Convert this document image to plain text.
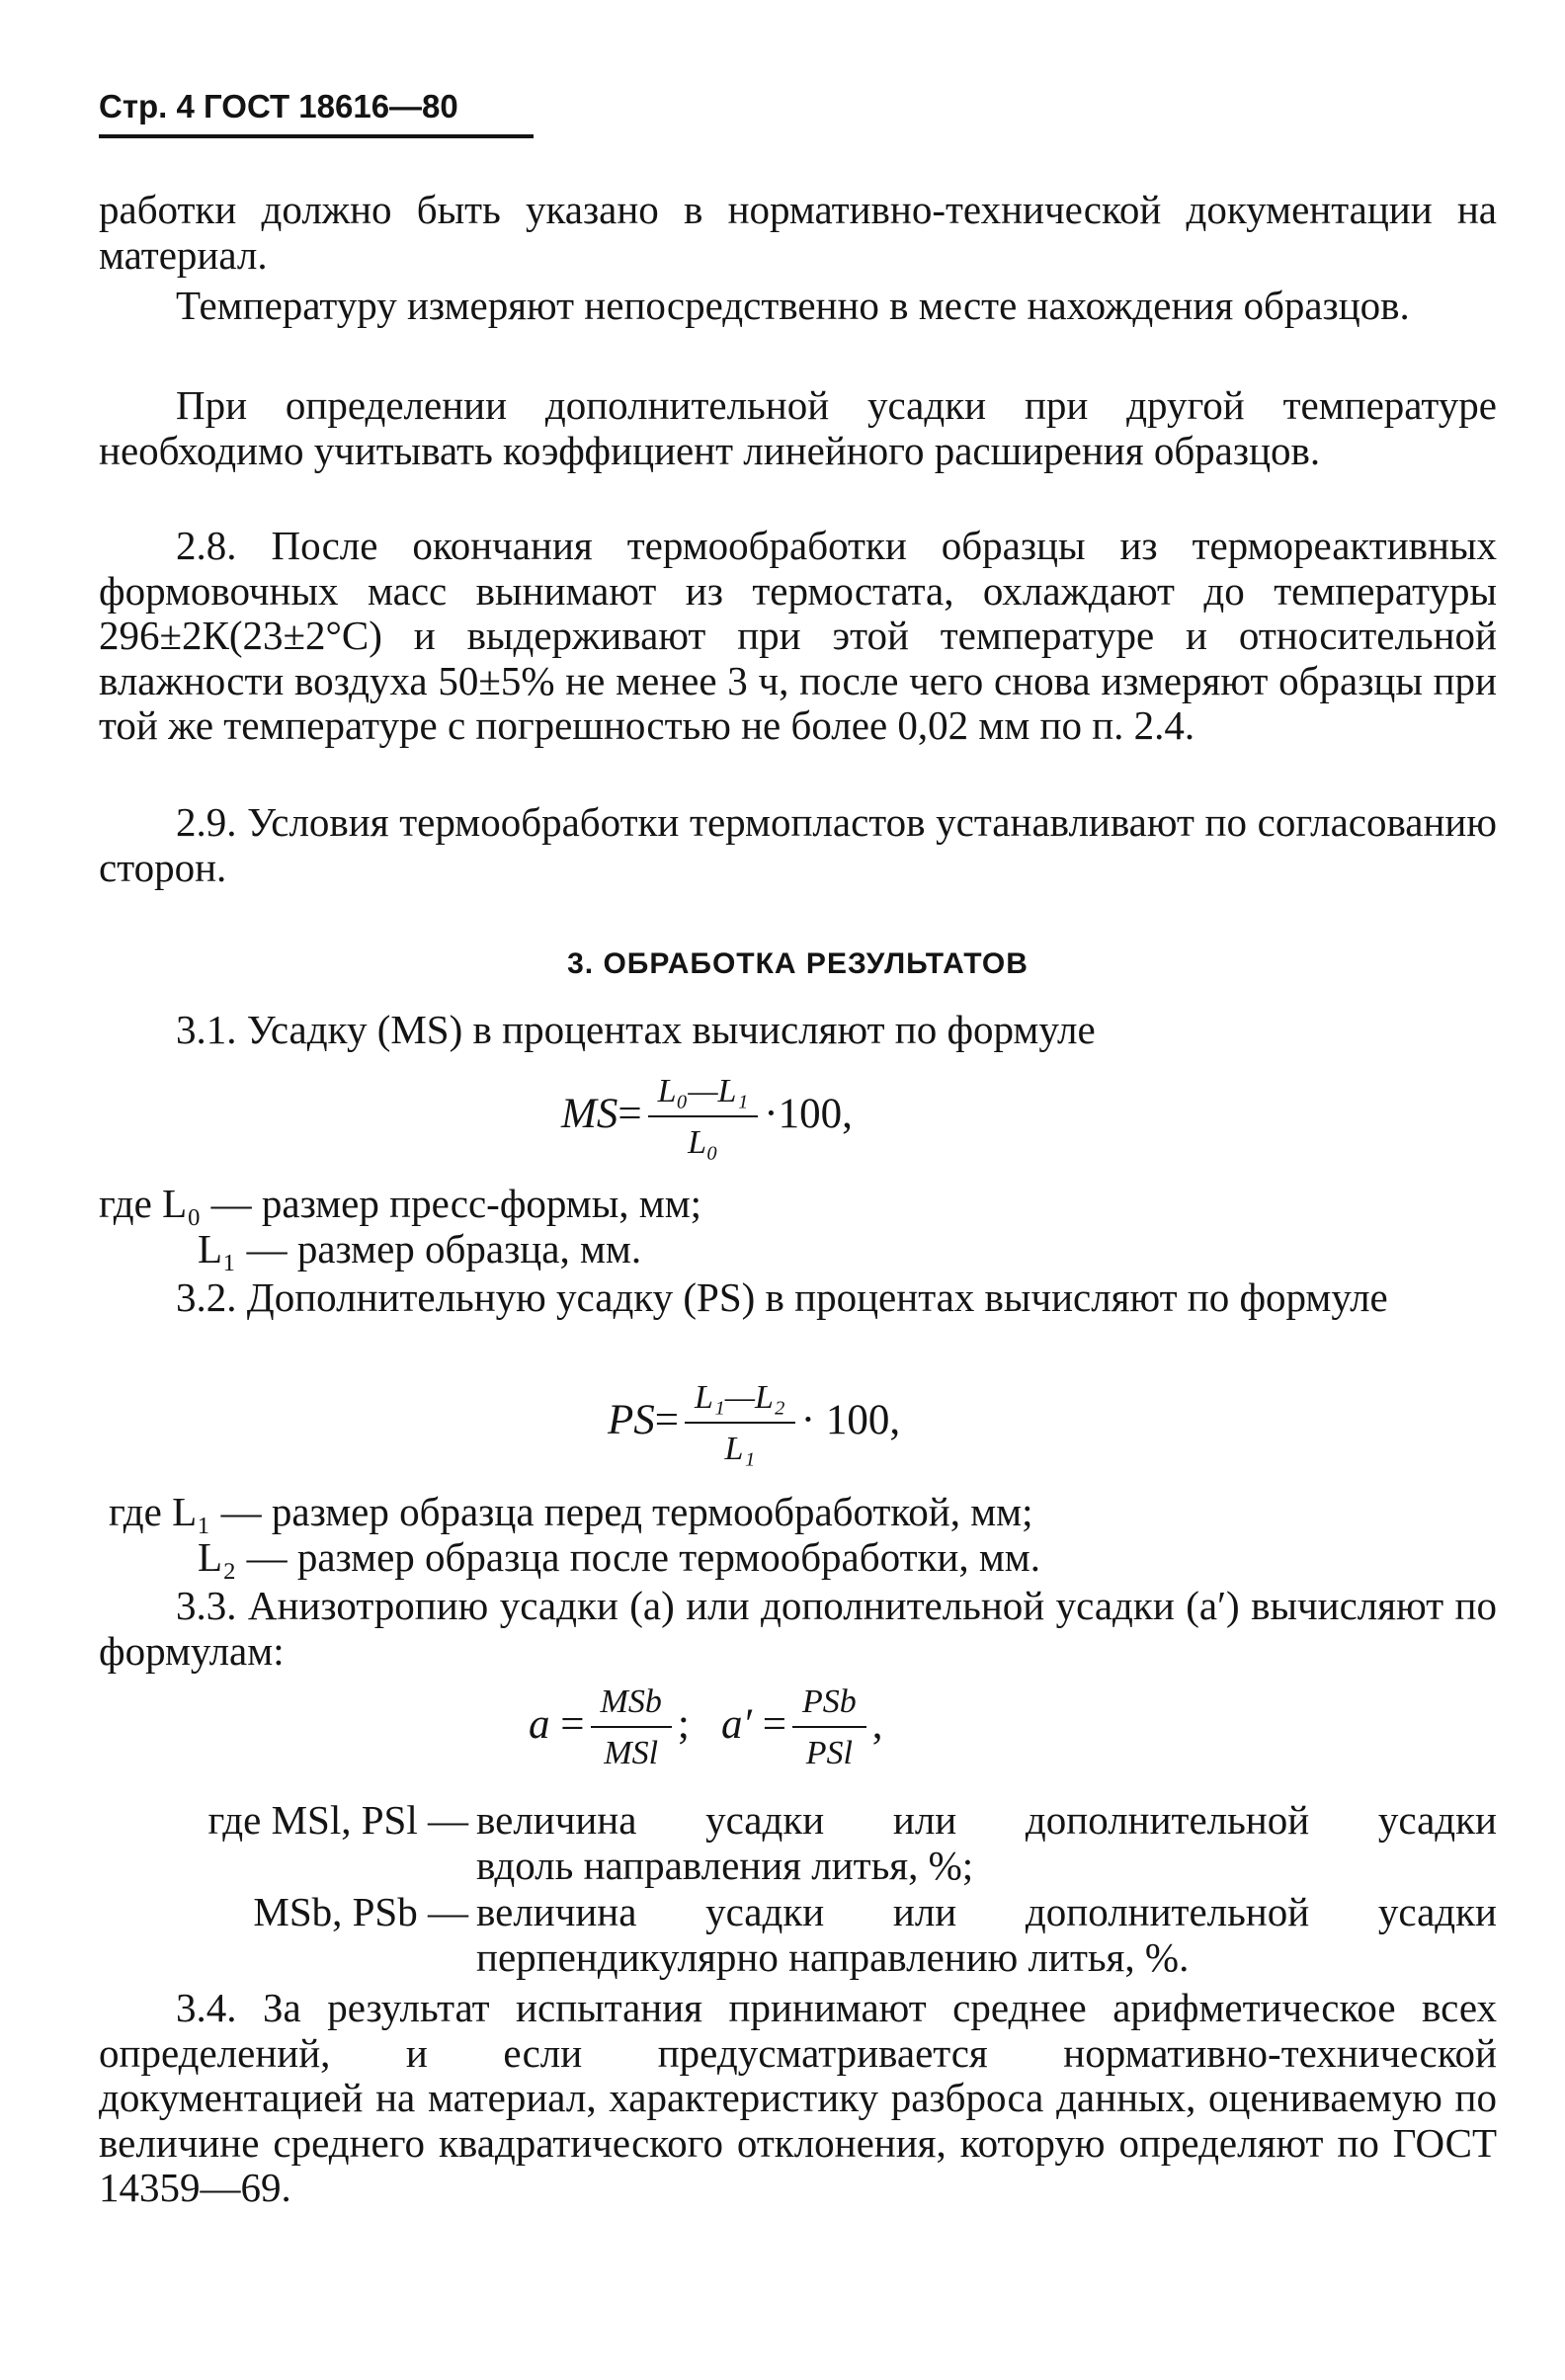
Стр. 4 ГОСТ 18616—80

работки должно быть указано в нормативно-технической документации на материал.

Температуру измеряют непосредственно в месте нахождения образцов.

При определении дополнительной усадки при другой температуре необходимо учитывать коэффициент линейного расширения образцов.

2.8. После окончания термообработки образцы из термореактивных формовочных масс вынимают из термостата, охлаждают до температуры 296±2К(23±2°С) и выдерживают при этой температуре и относительной влажности воздуха 50±5% не менее 3 ч, после чего снова измеряют образцы при той же температуре с погрешностью не более 0,02 мм по п. 2.4.

2.9. Условия термообработки термопластов устанавливают по согласованию сторон.

3. ОБРАБОТКА РЕЗУЛЬТАТОВ

3.1. Усадку (MS) в процентах вычисляют по формуле

$MS= \frac{\text{L₀—L₁}}{\text{L₀}} \cdot 100$,
где L₀ — размер пресс-формы, мм;
L₁ — размер образца, мм.

3.2. Дополнительную усадку (PS) в процентах вычисляют по формуле

$PS= \frac{\text{L₁—L₂}}{\text{L₁}} \cdot 100$,
где L₁ — размер образца перед термообработкой, мм;
L₂ — размер образца после термообработки, мм.

3.3. Анизотропию усадки (a) или дополнительной усадки (a′) вычисляют по формулам:

$a = \frac{\text{MSb}}{\text{MSl}}$ ; $a' = \frac{\text{PSb}}{\text{PSl}}$ ,
где MSl, PSl — величина усадки или дополнительной усадки
вдоль направления литья, %;
MSb, PSb — величина усадки или дополнительной усадки
перпендикулярно направлению литья, %.

3.4. За результат испытания принимают среднее арифметическое всех определений, и если предусматривается нормативно-технической документацией на материал, характеристику разброса данных, оцениваемую по величине среднего квадратического отклонения, которую определяют по ГОСТ 14359—69.
